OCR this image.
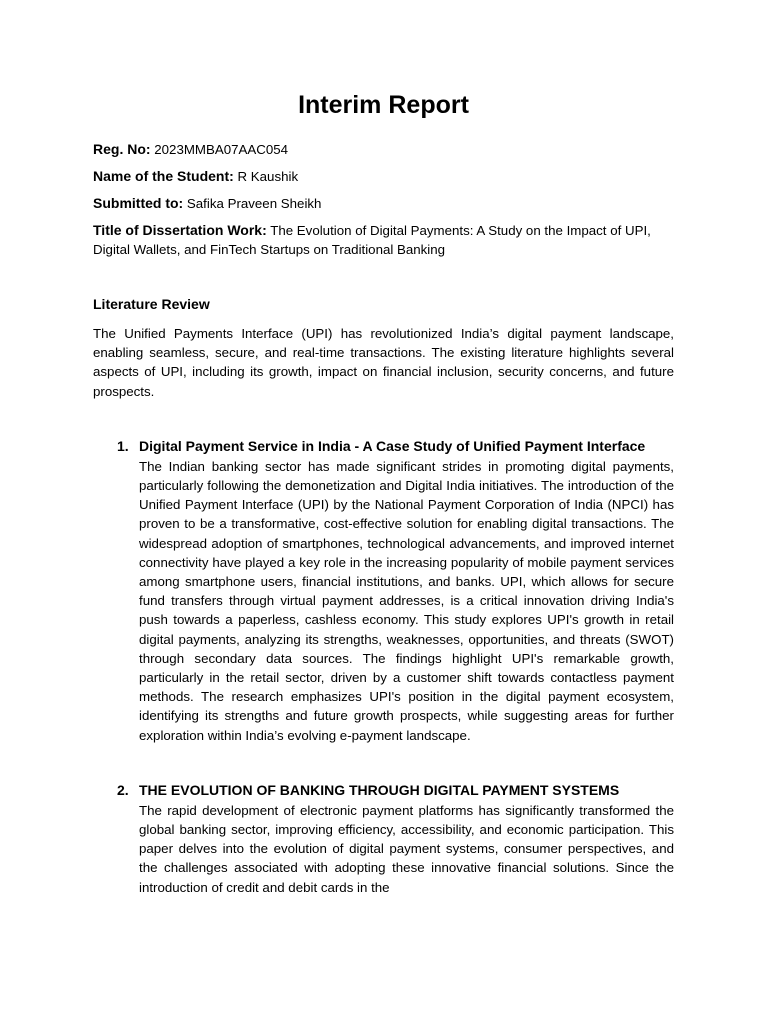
Interim Report
Reg. No: 2023MMBA07AAC054
Name of the Student: R Kaushik
Submitted to: Safika Praveen Sheikh
Title of Dissertation Work: The Evolution of Digital Payments: A Study on the Impact of UPI, Digital Wallets, and FinTech Startups on Traditional Banking
Literature Review

The Unified Payments Interface (UPI) has revolutionized India’s digital payment landscape, enabling seamless, secure, and real-time transactions. The existing literature highlights several aspects of UPI, including its growth, impact on financial inclusion, security concerns, and future prospects.

1. Digital Payment Service in India - A Case Study of Unified Payment Interface

The Indian banking sector has made significant strides in promoting digital payments, particularly following the demonetization and Digital India initiatives. The introduction of the Unified Payment Interface (UPI) by the National Payment Corporation of India (NPCI) has proven to be a transformative, cost-effective solution for enabling digital transactions. The widespread adoption of smartphones, technological advancements, and improved internet connectivity have played a key role in the increasing popularity of mobile payment services among smartphone users, financial institutions, and banks. UPI, which allows for secure fund transfers through virtual payment addresses, is a critical innovation driving India's push towards a paperless, cashless economy. This study explores UPI's growth in retail digital payments, analyzing its strengths, weaknesses, opportunities, and threats (SWOT) through secondary data sources. The findings highlight UPI's remarkable growth, particularly in the retail sector, driven by a customer shift towards contactless payment methods. The research emphasizes UPI's position in the digital payment ecosystem, identifying its strengths and future growth prospects, while suggesting areas for further exploration within India’s evolving e-payment landscape.

2. THE EVOLUTION OF BANKING THROUGH DIGITAL PAYMENT SYSTEMS

The rapid development of electronic payment platforms has significantly transformed the global banking sector, improving efficiency, accessibility, and economic participation. This paper delves into the evolution of digital payment systems, consumer perspectives, and the challenges associated with adopting these innovative financial solutions. Since the introduction of credit and debit cards in the
